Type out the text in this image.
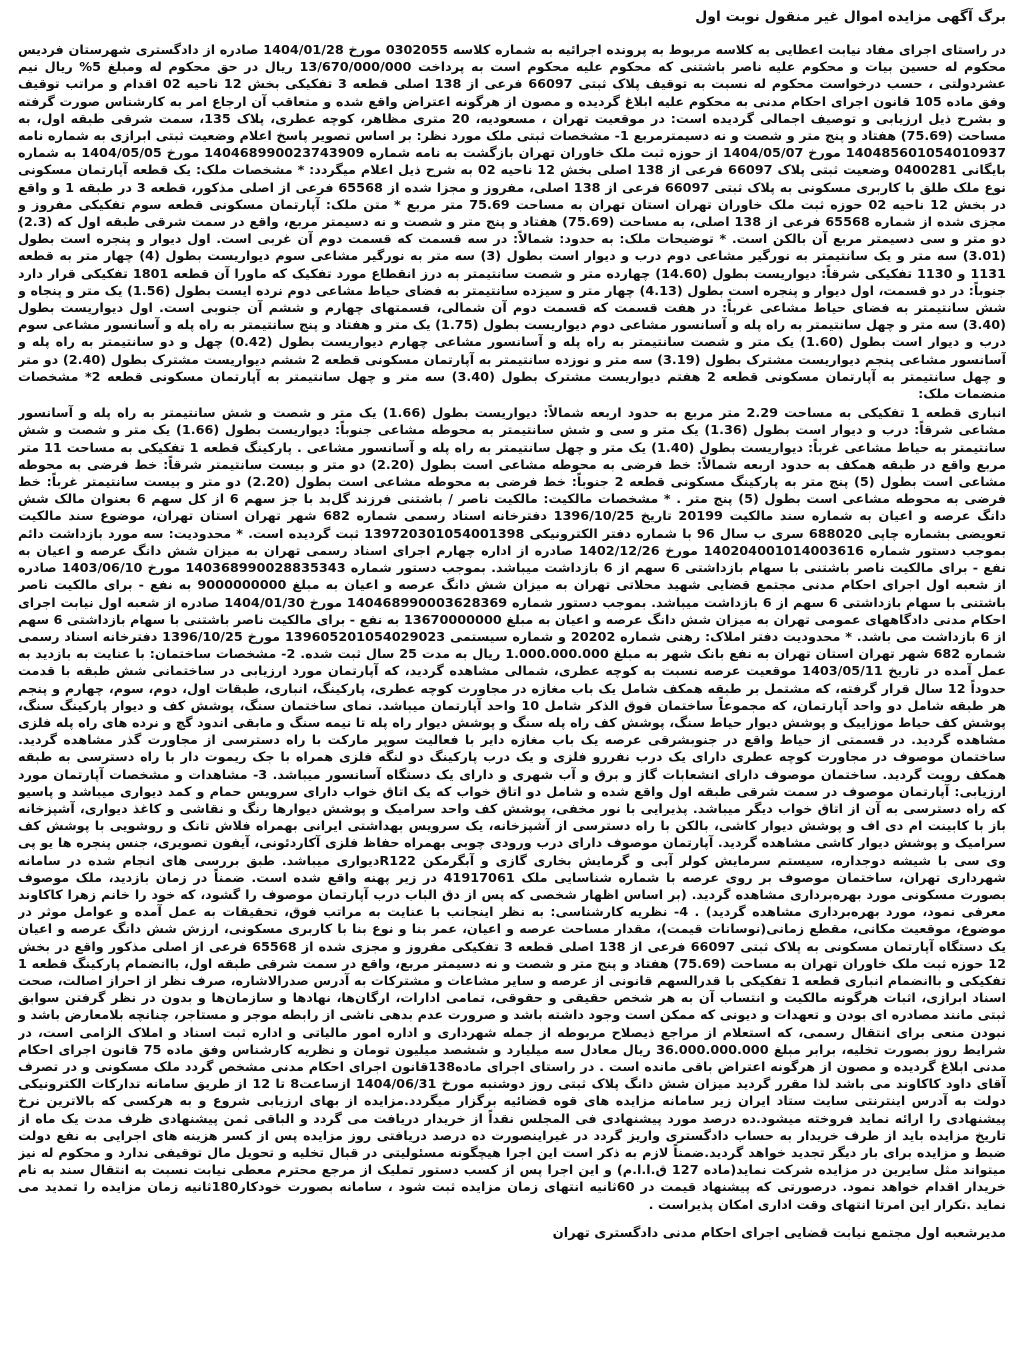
برگ آگهی مزایده اموال غیر منقول نوبت اول

در راستای اجرای مفاد نیابت اعطایی به کلاسه مربوط به پرونده اجرائیه به شماره کلاسه 0302055 مورخ 1404/01/28 صادره از دادگستری شهرستان فردیس محکوم له حسین بیات و محکوم علیه ناصر باشتنی که محکوم علیه محکوم است به پرداخت 13/670/000/000 ریال در حق محکوم له ومبلغ 5% ریال نیم عشردولتی ، حسب درخواست محکوم له نسبت به توقیف پلاک ثبتی 66097 فرعی از 138 اصلی قطعه 3 تفکیکی بخش 12 ناحیه 02 اقدام و مراتب توقیف وفق ماده 105 قانون اجرای احکام مدنی به محکوم علیه ابلاغ گردیده و مصون از هرگونه اعتراض واقع شده و متعاقب آن ارجاع امر به کارشناس صورت گرفته و بشرح ذیل ارزیابی و توصیف اجمالی گردیده است: در موقعیت تهران ، مسعودیه، 20 متری مظاهر، کوچه عطری، پلاک 135، سمت شرقی طبقه اول، به مساحت (75.69) هفتاد و پنج متر و شصت و نه دسیمترمربع 1- مشخصات ثبتی ملک مورد نظر: بر اساس تصویر پاسخ اعلام وضعیت ثبتی ابرازی به شماره نامه 140485601054010937 مورخ 1404/05/07 از حوزه ثبت ملک خاوران تهران بازگشت به نامه شماره 140468990023743909 مورخ 1404/05/05 به شماره بایگانی 0400281 وضعیت ثبتی پلاک 66097 فرعی از 138 اصلی بخش 12 ناحیه 02 به شرح ذیل اعلام میگردد: * مشخصات ملک: یک قطعه آپارتمان مسکونی نوع ملک طلق با کاربری مسکونی به پلاک ثبتی 66097 فرعی از 138 اصلی، مفروز و مجزا شده از 65568 فرعی از اصلی مذکور، قطعه 3 در طبقه 1 و واقع در بخش 12 ناحیه 02 حوزه ثبت ملک خاوران تهران استان تهران به مساحت 75.69 متر مربع * متن ملک: آپارتمان مسکونی قطعه سوم تفکیکی مفروز و مجزی شده از شماره 65568 فرعی از 138 اصلی، به مساحت (75.69) هفتاد و پنج متر و شصت و نه دسیمتر مربع، واقع در سمت شرقی طبقه اول که (2.3) دو متر و سی دسیمتر مربع آن بالکن است. * توضیحات ملک: به حدود: شمالاً: در سه قسمت که قسمت دوم آن غربی است. اول دیوار و پنجره است بطول (3.01) سه متر و یک سانتیمتر به نورگیر مشاعی دوم درب و دیوار است بطول (3) سه متر به نورگیر مشاعی سوم دیواریست بطول (4) چهار متر به قطعه 1131 و 1130 تفکیکی شرقاً: دیواریست بطول (14.60) چهارده متر و شصت سانتیمتر به درز انقطاع مورد تفکیک که ماورا آن قطعه 1801 تفکیکی قرار دارد جنوباً: در دو قسمت، اول دیوار و پنجره است بطول (4.13) چهار متر و سیزده سانتیمتر به فضای حیاط مشاعی دوم نرده ایست بطول (1.56) یک متر و پنجاه و شش سانتیمتر به فضای حیاط مشاعی غرباً: در هفت قسمت که قسمت دوم آن شمالی، قسمتهای چهارم و ششم آن جنوبی است. اول دیواریست بطول (3.40) سه متر و چهل سانتیمتر به راه پله و آسانسور مشاعی دوم دیواریست بطول (1.75) یک متر و هفتاد و پنج سانتیمتر به راه پله و آسانسور مشاعی سوم درب و دیوار است بطول (1.60) یک متر و شصت سانتیمتر به راه پله و آسانسور مشاعی چهارم دیواریست بطول (0.42) چهل و دو سانتیمتر به راه پله و آسانسور مشاعی پنجم دیواریست مشترک بطول (3.19) سه متر و نوزده سانتیمتر به آپارتمان مسکونی قطعه 2 ششم دیواریست مشترک بطول (2.40) دو متر و چهل سانتیمتر به آپارتمان مسکونی قطعه 2 هفتم دیواریست مشترک بطول (3.40) سه متر و چهل سانتیمتر به آپارتمان مسکونی قطعه 2* مشخصات منضمات ملک:

انباری قطعه 1 تفکیکی به مساحت 2.29 متر مربع به حدود اربعه شمالاً: دیواریست بطول (1.66) یک متر و شصت و شش سانتیمتر به راه پله و آسانسور مشاعی شرقاً: درب و دیوار است بطول (1.36) یک متر و سی و شش سانتیمتر به محوطه مشاعی جنوباً: دیواریست بطول (1.66) یک متر و شصت و شش سانتیمتر به حیاط مشاعی غرباً: دیواریست بطول (1.40) یک متر و چهل سانتیمتر به راه پله و آسانسور مشاعی . پارکینگ قطعه 1 تفکیکی به مساحت 11 متر مربع واقع در طبقه همکف به حدود اربعه شمالاً: خط فرضی به محوطه مشاعی است بطول (2.20) دو متر و بیست سانتیمتر شرقاً: خط فرضی به محوطه مشاعی است بطول (5) پنج متر به پارکینگ مسکونی قطعه 2 جنوباً: خط فرضی به محوطه مشاعی است بطول (2.20) دو متر و بیست سانتیمتر غرباً: خط فرضی به محوطه مشاعی است بطول (5) پنج متر . * مشخصات مالکیت: مالکیت ناصر / باشتنی فرزند گل‌بد با جز سهم 6 از کل سهم 6 بعنوان مالک شش دانگ عرصه و اعیان به شماره سند مالکیت 20199 تاریخ 1396/10/25 دفترخانه اسناد رسمی شماره 682 شهر تهران استان تهران، موضوع سند مالکیت تعویضی بشماره چاپی 688020 سری ب سال 96 با شماره دفتر الکترونیکی 139720301054001398 ثبت گردیده است. * محدودیت: سه مورد بازداشت دائم بموجب دستور شماره 140204001014003616 مورخ 1402/12/26 صادره از اداره چهارم اجرای اسناد رسمی تهران به میزان شش دانگ عرصه و اعیان به نفع - برای مالکیت ناصر باشتنی با سهام بازداشتی 6 سهم از 6 بازداشت میباشد. بموجب دستور شماره 140368990028835343 مورخ 1403/06/10 صادره از شعبه اول اجرای احکام مدنی مجتمع قضایی شهید محلاتی تهران به میزان شش دانگ عرصه و اعیان به مبلغ 9000000000 به نفع - برای مالکیت ناصر باشتنی با سهام بازداشتی 6 سهم از 6 بازداشت میباشد. بموجب دستور شماره 140468990003628369 مورخ 1404/01/30 صادره از شعبه اول نیابت اجرای احکام مدنی دادگاههای عمومی تهران به میزان شش دانگ عرصه و اعیان به مبلغ 13670000000 به نفع - برای مالکیت ناصر باشتنی با سهام بازداشتی 6 سهم از 6 بازداشت می باشد. * محدودیت دفتر املاک: رهنی شماره 20202 و شماره سیستمی 139605201054029023 مورخ 1396/10/25 دفترخانه اسناد رسمی شماره 682 شهر تهران استان تهران به نفع بانک شهر به مبلغ 1.000.000.000 ریال به مدت 25 سال ثبت شده. 2- مشخصات ساختمان: با عنایت به بازدید به عمل آمده در تاریخ 1403/05/11 موقعیت عرصه نسبت به کوچه عطری، شمالی مشاهده گردید، که آپارتمان مورد ارزیابی در ساختمانی شش طبقه با قدمت حدوداً 12 سال قرار گرفته، که مشتمل بر طبقه همکف شامل یک باب مغازه در مجاورت کوچه عطری، پارکینگ، انباری، طبقات اول، دوم، سوم، چهارم و پنجم هر طبقه شامل دو واحد آپارتمان، که مجموعاً ساختمان فوق الذکر شامل 10 واحد آپارتمان میباشد. نمای ساختمان سنگ، پوشش کف و دیوار پارکینگ سنگ، پوشش کف حیاط موزاییک و پوشش دیوار حیاط سنگ، پوشش کف راه پله سنگ و پوشش دیوار راه پله تا نیمه سنگ و مابقی اندود گچ و نرده های راه پله فلزی مشاهده گردید. در قسمتی از حیاط واقع در جنوبشرقی عرصه یک باب مغازه دایر با فعالیت سوپر مارکت با راه دسترسی از مجاورت گذر مشاهده گردید. ساختمان موصوف در مجاورت کوچه عطری دارای یک درب نفررو فلزی و یک درب پارکینگ دو لنگه فلزی همراه با جک ریموت دار با راه دسترسی به طبقه همکف رویت گردید. ساختمان موصوف دارای انشعابات گاز و برق و آب شهری و دارای یک دستگاه آسانسور میباشد. 3- مشاهدات و مشخصات آپارتمان مورد ارزیابی: آپارتمان موصوف در سمت شرقی طبقه اول واقع شده و شامل دو اتاق خواب که یک اتاق خواب دارای سرویس حمام و کمد دیواری میباشد و پاسیو که راه دسترسی به آن از اتاق خواب دیگر میباشد. پذیرایی با نور مخفی، پوشش کف واحد سرامیک و پوشش دیوارها رنگ و نقاشی و کاغذ دیواری، آشپزخانه باز با کابینت ام دی اف و پوشش دیوار کاشی، بالکن با راه دسترسی از آشپزخانه، یک سرویس بهداشتی ایرانی بهمراه فلاش تانک و روشویی با پوشش کف سرامیک و پوشش دیوار کاشی مشاهده گردید. آپارتمان موصوف دارای درب ورودی چوبی بهمراه حفاظ فلزی آکاردئونی، آیفون تصویری، جنس پنجره ها یو پی وی سی با شیشه دوجداره، سیستم سرمایش کولر آبی و گرمایش بخاری گازی و آبگرمکن R122دیواری میباشد. طبق بررسی های انجام شده در سامانه شهرداری تهران، ساختمان موصوف بر روی عرصه با شماره شناسایی ملک 41917061 در زیر پهنه واقع شده است. ضمناً در زمان بازدید، ملک موصوف بصورت مسکونی مورد بهره‌برداری مشاهده گردید. (بر اساس اظهار شخصی که پس از دق الباب درب آپارتمان موصوف را گشود، که خود را خانم زهرا کاکاوند معرفی نمود، مورد بهره‌برداری مشاهده گردید) . 4- نظریه کارشناسی: به نظر اینجانب با عنایت به مراتب فوق، تحقیقات به عمل آمده و عوامل موثر در موضوع، موقعیت مکانی، مقطع زمانی(نوسانات قیمت)، مقدار مساحت عرصه و اعیان، عمر بنا و نوع بنا با کاربری مسکونی، ارزش شش دانگ عرصه و اعیان یک دستگاه آپارتمان مسکونی به پلاک ثبتی 66097 فرعی از 138 اصلی قطعه 3 تفکیکی مفروز و مجزی شده از 65568 فرعی از اصلی مذکور واقع در بخش 12 حوزه ثبت ملک خاوران تهران به مساحت (75.69) هفتاد و پنج متر و شصت و نه دسیمتر مربع، واقع در سمت شرقی طبقه اول، باانضمام پارکینگ قطعه 1 تفکیکی و باانضمام انباری قطعه 1 تفکیکی با قدرالسهم قانونی از عرصه و سایر مشاعات و مشترکات به آدرس صدرالاشاره، صرف نظر از احراز اصالت، صحت اسناد ابرازی، اثبات هرگونه مالکیت و انتساب آن به هر شخص حقیقی و حقوقی، تمامی ادارات، ارگان‌ها، نهادها و سازمان‌ها و بدون در نظر گرفتن سوابق ثبتی مانند مصادره ای بودن و تعهدات و دیونی که ممکن است وجود داشته باشد و صرورت عدم بدهی ناشی از رابطه موجر و مستاجر، چنانچه بلامعارض باشد و نبودن منعی برای انتقال رسمی، که استعلام از مراجع ذیصلاح مربوطه از جمله شهرداری و اداره امور مالیاتی و اداره ثبت اسناد و املاک الزامی است، در شرایط روز بصورت تخلیه، برابر مبلغ 36.000.000.000 ریال معادل سه میلیارد و ششصد میلیون تومان و نظریه کارشناس وفق ماده 75 قانون اجرای احکام مدنی ابلاغ گردیده و مصون از هرگونه اعتراض باقی مانده است . در راستای اجرای ماده138قانون اجرای احکام مدنی مشخص گردد ملک مسکونی و در تصرف آقای داود کاکاوند می باشد لذا مقرر گردید میزان شش دانگ پلاک ثبتی روز دوشنبه مورخ 1404/06/31 ازساعت8 تا 12 از طریق سامانه تدارکات الکترونیکی دولت به آدرس اینترنتی سایت ستاد ایران زیر سامانه مزایده های قوه قضائیه برگزار میگردد.مزایده از بهای ارزیابی شروع و به هرکسی که بالاترین نرخ پیشنهادی را ارائه نماید فروخته میشود.ده درصد مورد پیشنهادی فی المجلس نقداً از خریدار دریافت می گردد و الباقی ثمن پیشنهادی ظرف مدت یک ماه از تاریخ مزایده باید از طرف خریدار به حساب دادگستری واریز گردد در غیراینصورت ده درصد دریافتی روز مزایده پس از کسر هزینه های اجرایی به نفع دولت ضبط و مزایده برای بار دیگر تجدید خواهد گردید.ضمناً لازم به ذکر است این اجرا هیچگونه مسئولیتی در قبال تخلیه و تحویل مال توقیفی ندارد و محکوم له نیز میتواند مثل سایرین در مزایده شرکت نماید(ماده 127 ق.ا.ا.م) و این اجرا پس از کسب دستور تملیک از مرجع محترم معطی نیابت نسبت به انتقال سند به نام خریدار اقدام خواهد نمود. درصورتی که پیشنهاد قیمت در 60ثانیه انتهای زمان مزایده ثبت شود ، سامانه بصورت خودکار180ثانیه زمان مزایده را تمدید می نماید .تکرار این امرتا انتهای وقت اداری امکان پذیراست .

مدیرشعبه اول مجتمع نیابت قضایی اجرای احکام مدنی دادگستری تهران
